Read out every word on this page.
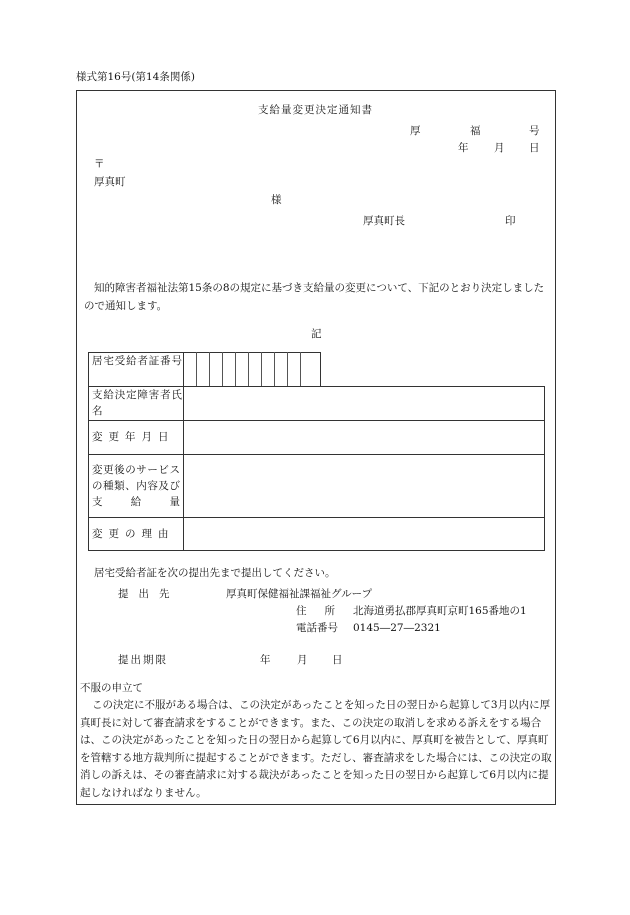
様式第16号(第14条関係)
支給量変更決定通知書
厚	福	号
年 月 日
〒
厚真町
様
厚真町長	印
知的障害者福祉法第15条の8の規定に基づき支給量の変更について、下記のとおり決定しましたので通知します。
記
居宅受給者証番号
支給決定障害者氏名
変更年月日
変更後のサービスの種類、内容及び支給量
変更の理由
居宅受給者証を次の提出先まで提出してください。
提出先	厚真町保健福祉課福祉グループ
住所 北海道勇払郡厚真町京町165番地の1
電話番号 0145―27―2321
提出期限	年	月 日
不服の申立て
この決定に不服がある場合は、この決定があったことを知った日の翌日から起算して3月以内に厚真町長に対して審査請求をすることができます。また、この決定の取消しを求める訴えをする場合は、この決定があったことを知った日の翌日から起算して6月以内に、厚真町を被告として、厚真町を管轄する地方裁判所に提起することができます。ただし、審査請求をした場合には、この決定の取消しの訴えは、その審査請求に対する裁決があったことを知った日の翌日から起算して6月以内に提起しなければなりません。
